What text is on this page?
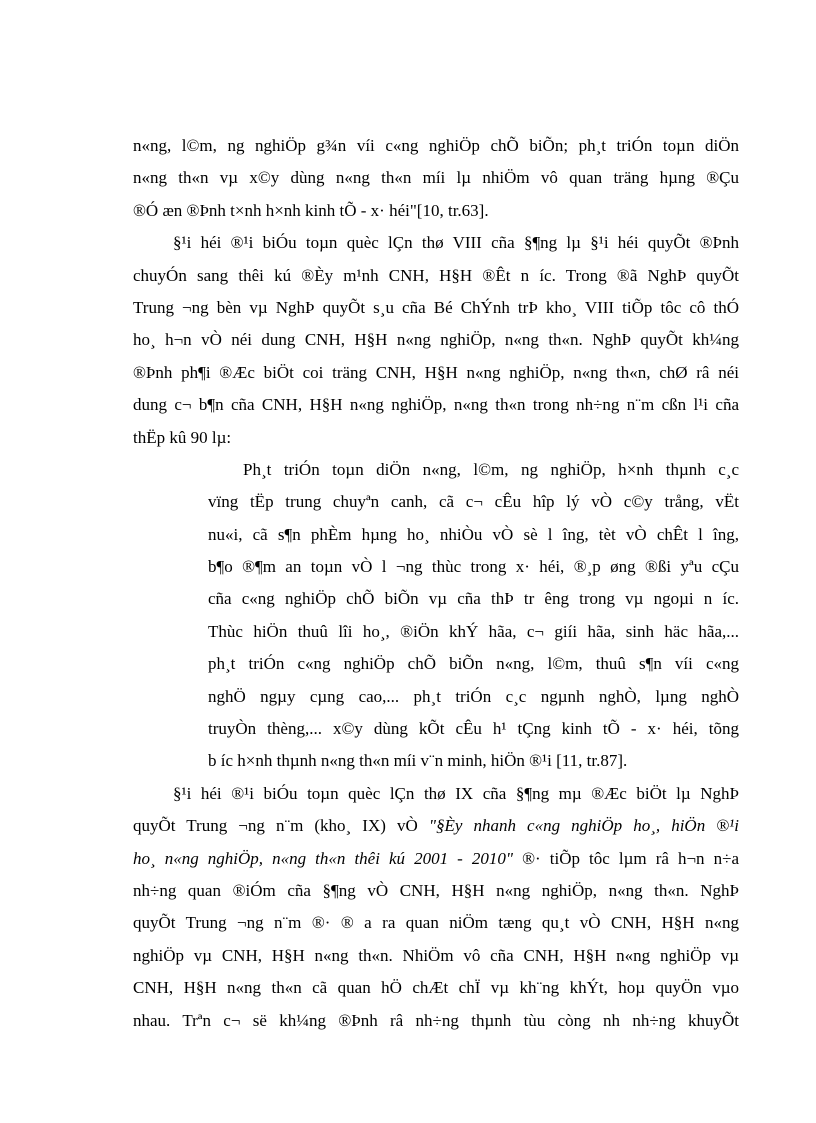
n«ng, l©m, ng nghiÖp g¾n víi c«ng nghiÖp chÕ biÕn; ph¸t triÓn toµn diÖn
n«ng th«n vµ x©y dùng n«ng th«n míi lµ nhiÖm vô quan träng hµng ®Çu
®Ó æn ®Þnh t×nh h×nh kinh tÕ - x· héi"[10, tr.63].
§¹i héi ®¹i biÓu toµn quèc lÇn thø VIII cña §¶ng lµ §¹i héi quyÕt ®Þnh
chuyÓn sang thêi kú ®Èy m¹nh CNH, H§H ®Êt n íc. Trong ®ã NghÞ quyÕt
Trung ¬ng bèn vµ NghÞ quyÕt s¸u cña Bé ChÝnh trÞ kho¸ VIII tiÕp tôc cô thÓ
ho¸ h¬n vÒ néi dung CNH, H§H n«ng nghiÖp, n«ng th«n. NghÞ quyÕt kh¼ng
®Þnh ph¶i ®Æc biÖt coi träng CNH, H§H n«ng nghiÖp, n«ng th«n, chØ râ néi
dung c¬ b¶n cña CNH, H§H n«ng nghiÖp, n«ng th«n trong nh÷ng n¨m cßn l¹i cña
thËp kû 90 lµ:
Ph¸t triÓn toµn diÖn n«ng, l©m, ng nghiÖp, h×nh thµnh c¸c
vïng tËp trung chuyªn canh, cã c¬ cÊu hîp lý vÒ c©y trång, vËt
nu«i, cã s¶n phÈm hµng ho¸ nhiÒu vÒ sè l îng, tèt vÒ chÊt l îng,
b¶o ®¶m an toµn vÒ l ¬ng thùc trong x· héi, ®¸p øng ®ßi yªu cÇu
cña c«ng nghiÖp chÕ biÕn vµ cña thÞ tr êng trong vµ ngoµi n íc.
Thùc hiÖn thuû lîi ho¸, ®iÖn khÝ hãa, c¬ giíi hãa, sinh häc hãa,...
ph¸t triÓn c«ng nghiÖp chÕ biÕn n«ng, l©m, thuû s¶n víi c«ng
nghÖ ngµy cµng cao,... ph¸t triÓn c¸c ngµnh nghÒ, lµng nghÒ
truyÒn thèng,... x©y dùng kÕt cÊu h¹ tÇng kinh tÕ - x· héi, tõng
b íc h×nh thµnh n«ng th«n míi v¨n minh, hiÖn ®¹i [11, tr.87].
§¹i héi ®¹i biÓu toµn quèc lÇn thø IX cña §¶ng mµ ®Æc biÖt lµ NghÞ
quyÕt Trung ¬ng n¨m (kho¸ IX) vÒ "§Èy nhanh c«ng nghiÖp ho¸, hiÖn ®¹i
ho¸ n«ng nghiÖp, n«ng th«n thêi kú 2001 - 2010" ®· tiÕp tôc lµm râ h¬n n÷a
nh÷ng quan ®iÓm cña §¶ng vÒ CNH, H§H n«ng nghiÖp, n«ng th«n. NghÞ
quyÕt Trung ¬ng n¨m ®· ® a ra quan niÖm tæng qu¸t vÒ CNH, H§H n«ng
nghiÖp vµ CNH, H§H n«ng th«n. NhiÖm vô cña CNH, H§H n«ng nghiÖp vµ
CNH, H§H n«ng th«n cã quan hÖ chÆt chÏ vµ kh¨ng khÝt, hoµ quyÖn vµo
nhau. Trªn c¬ së kh¼ng ®Þnh râ nh÷ng thµnh tùu còng nh nh÷ng khuyÕt
